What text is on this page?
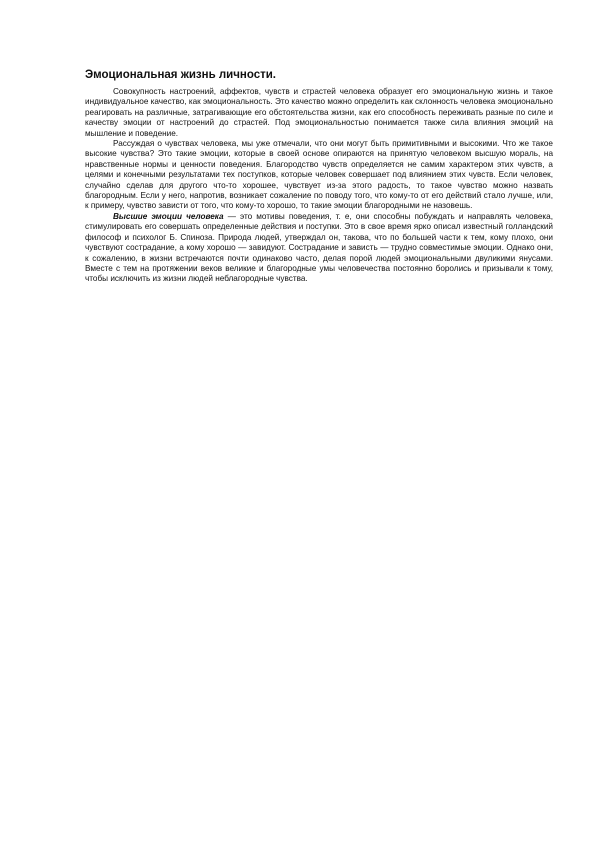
Эмоциональная жизнь личности.

Совокупность настроений, аффектов, чувств и страстей человека образует его эмоциональную жизнь и такое индивидуальное качество, как эмоциональность. Это качество можно определить как склонность человека эмоционально реагировать на различные, затрагивающие его обстоятельства жизни, как его способность переживать разные по силе и качеству эмоции от настроений до страстей. Под эмоциональностью понимается также сила влияния эмоций на мышление и поведение.

Рассуждая о чувствах человека, мы уже отмечали, что они могут быть примитивными и высокими. Что же такое высокие чувства? Это такие эмоции, которые в своей основе опираются на принятую человеком высшую мораль, на нравственные нормы и ценности поведения. Благородство чувств определяется не самим характером этих чувств, а целями и конечными результатами тех поступков, которые человек совершает под влиянием этих чувств. Если человек, случайно сделав для другого что-то хорошее, чувствует из-за этого радость, то такое чувство можно назвать благородным. Если у него, напротив, возникает сожаление по поводу того, что кому-то от его действий стало лучше, или, к примеру, чувство зависти от того, что кому-то хорошо, то такие эмоции благородными не назовешь.

Высшие эмоции человека — это мотивы поведения, т. е, они способны побуждать и направлять человека, стимулировать его совершать определенные действия и поступки. Это в свое время ярко описал известный голландский философ и психолог Б. Спиноза. Природа людей, утверждал он, такова, что по большей части к тем, кому плохо, они чувствуют сострадание, а кому хорошо — завидуют. Сострадание и зависть — трудно совместимые эмоции. Однако они, к сожалению, в жизни встречаются почти одинаково часто, делая порой людей эмоциональными двуликими янусами. Вместе с тем на протяжении веков великие и благородные умы человечества постоянно боролись и призывали к тому, чтобы исключить из жизни людей неблагородные чувства.
